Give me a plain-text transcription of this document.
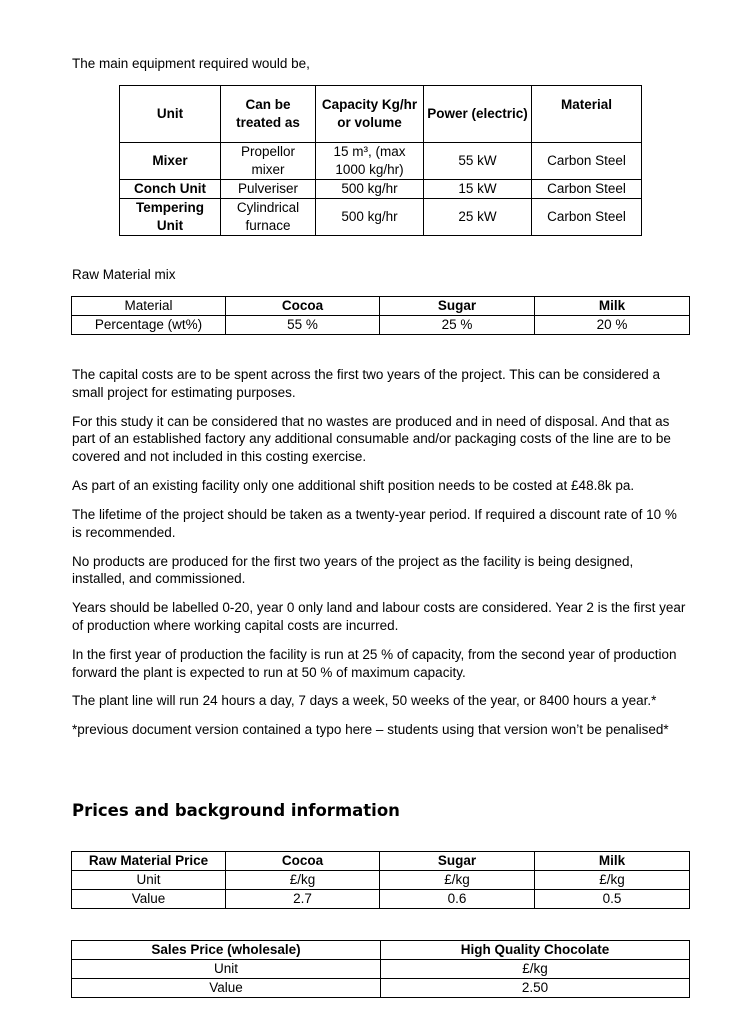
The main equipment required would be,
Unit	Can be treated as	Capacity Kg/hr or volume	Power (electric)	Material
Mixer	Propellor mixer	15 m³, (max 1000 kg/hr)	55 kW	Carbon Steel
Conch Unit	Pulveriser	500 kg/hr	15 kW	Carbon Steel
Tempering Unit	Cylindrical furnace	500 kg/hr	25 kW	Carbon Steel
Raw Material mix
Material	Cocoa	Sugar	Milk
Percentage (wt%)	55 %	25 %	20 %

The capital costs are to be spent across the first two years of the project. This can be considered a small project for estimating purposes.

For this study it can be considered that no wastes are produced and in need of disposal. And that as part of an established factory any additional consumable and/or packaging costs of the line are to be covered and not included in this costing exercise.

As part of an existing facility only one additional shift position needs to be costed at £48.8k pa.

The lifetime of the project should be taken as a twenty-year period. If required a discount rate of 10 % is recommended.

No products are produced for the first two years of the project as the facility is being designed, installed, and commissioned.

Years should be labelled 0-20, year 0 only land and labour costs are considered. Year 2 is the first year of production where working capital costs are incurred.

In the first year of production the facility is run at 25 % of capacity, from the second year of production forward the plant is expected to run at 50 % of maximum capacity.

The plant line will run 24 hours a day, 7 days a week, 50 weeks of the year, or 8400 hours a year.*

*previous document version contained a typo here – students using that version won’t be penalised*

Prices and background information
Raw Material Price	Cocoa	Sugar	Milk
Unit	£/kg	£/kg	£/kg
Value	2.7	0.6	0.5
Sales Price (wholesale)	High Quality Chocolate
Unit	£/kg
Value	2.50
